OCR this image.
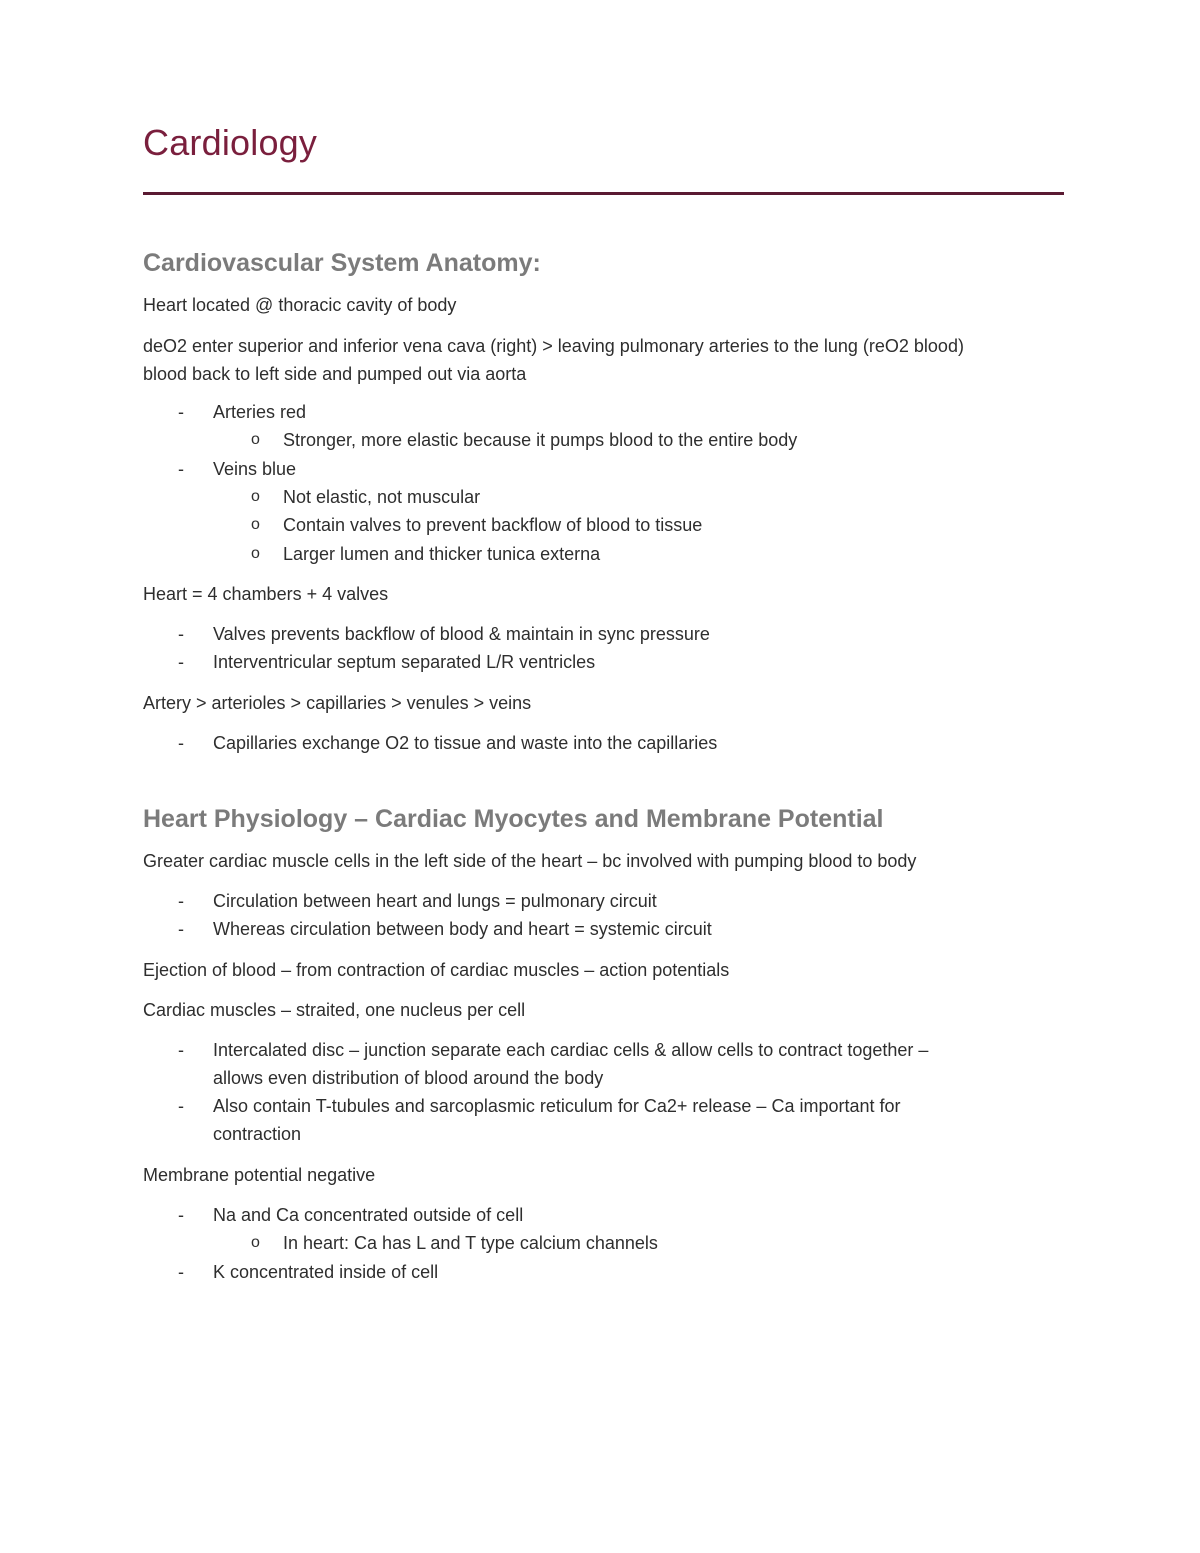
Cardiology
Cardiovascular System Anatomy:

Heart located @ thoracic cavity of body

deO2 enter superior and inferior vena cava (right) > leaving pulmonary arteries to the lung (reO2 blood)
blood back to left side and pumped out via aorta

-	Arteries red
o Stronger, more elastic because it pumps blood to the entire body
-	Veins blue
o Not elastic, not muscular
o Contain valves to prevent backflow of blood to tissue
o Larger lumen and thicker tunica externa

Heart = 4 chambers + 4 valves

-	Valves prevents backflow of blood & maintain in sync pressure
-	Interventricular septum separated L/R ventricles

Artery > arterioles > capillaries > venules > veins

-	Capillaries exchange O2 to tissue and waste into the capillaries
Heart Physiology – Cardiac Myocytes and Membrane Potential

Greater cardiac muscle cells in the left side of the heart – bc involved with pumping blood to body

-	Circulation between heart and lungs = pulmonary circuit
-	Whereas circulation between body and heart = systemic circuit

Ejection of blood – from contraction of cardiac muscles – action potentials

Cardiac muscles – straited, one nucleus per cell

-	Intercalated disc – junction separate each cardiac cells & allow cells to contract together –
allows even distribution of blood around the body
-	Also contain T-tubules and sarcoplasmic reticulum for Ca2+ release – Ca important for
contraction

Membrane potential negative

-	Na and Ca concentrated outside of cell
o In heart: Ca has L and T type calcium channels
-	K concentrated inside of cell
